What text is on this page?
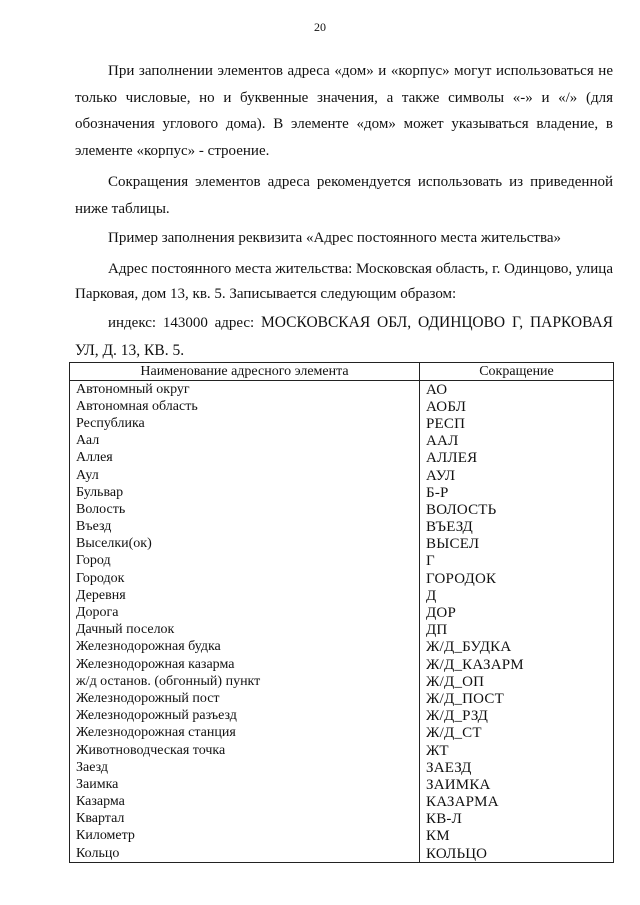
20

При заполнении элементов адреса «дом» и «корпус» могут использоваться не только числовые, но и буквенные значения, а также символы «-» и «/» (для обозначения углового дома). В элементе «дом» может указываться владение, в элементе «корпус» - строение.

Сокращения элементов адреса рекомендуется использовать из приведенной ниже таблицы.

Пример заполнения реквизита «Адрес постоянного места жительства»

Адрес постоянного места жительства: Московская область, г. Одинцово, улица Парковая, дом 13, кв. 5. Записывается следующим образом:

индекс: 143000 адрес: МОСКОВСКАЯ ОБЛ, ОДИНЦОВО Г, ПАРКОВАЯ УЛ, Д. 13, КВ. 5.

Наименование адресного элемента	Сокращение
Автономный округ	АО
Автономная область	АОБЛ
Республика	РЕСП
Аал	ААЛ
Аллея	АЛЛЕЯ
Аул	АУЛ
Бульвар	Б-Р
Волость	ВОЛОСТЬ
Въезд	ВЪЕЗД
Выселки(ок)	ВЫСЕЛ
Город	Г
Городок	ГОРОДОК
Деревня	Д
Дорога	ДОР
Дачный поселок	ДП
Железнодорожная будка	Ж/Д_БУДКА
Железнодорожная казарма	Ж/Д_КАЗАРМ
ж/д останов. (обгонный) пункт	Ж/Д_ОП
Железнодорожный пост	Ж/Д_ПОСТ
Железнодорожный разъезд	Ж/Д_РЗД
Железнодорожная станция	Ж/Д_СТ
Животноводческая точка	ЖТ
Заезд	ЗАЕЗД
Заимка	ЗАИМКА
Казарма	КАЗАРМА
Квартал	КВ-Л
Километр	КМ
Кольцо	КОЛЬЦО
